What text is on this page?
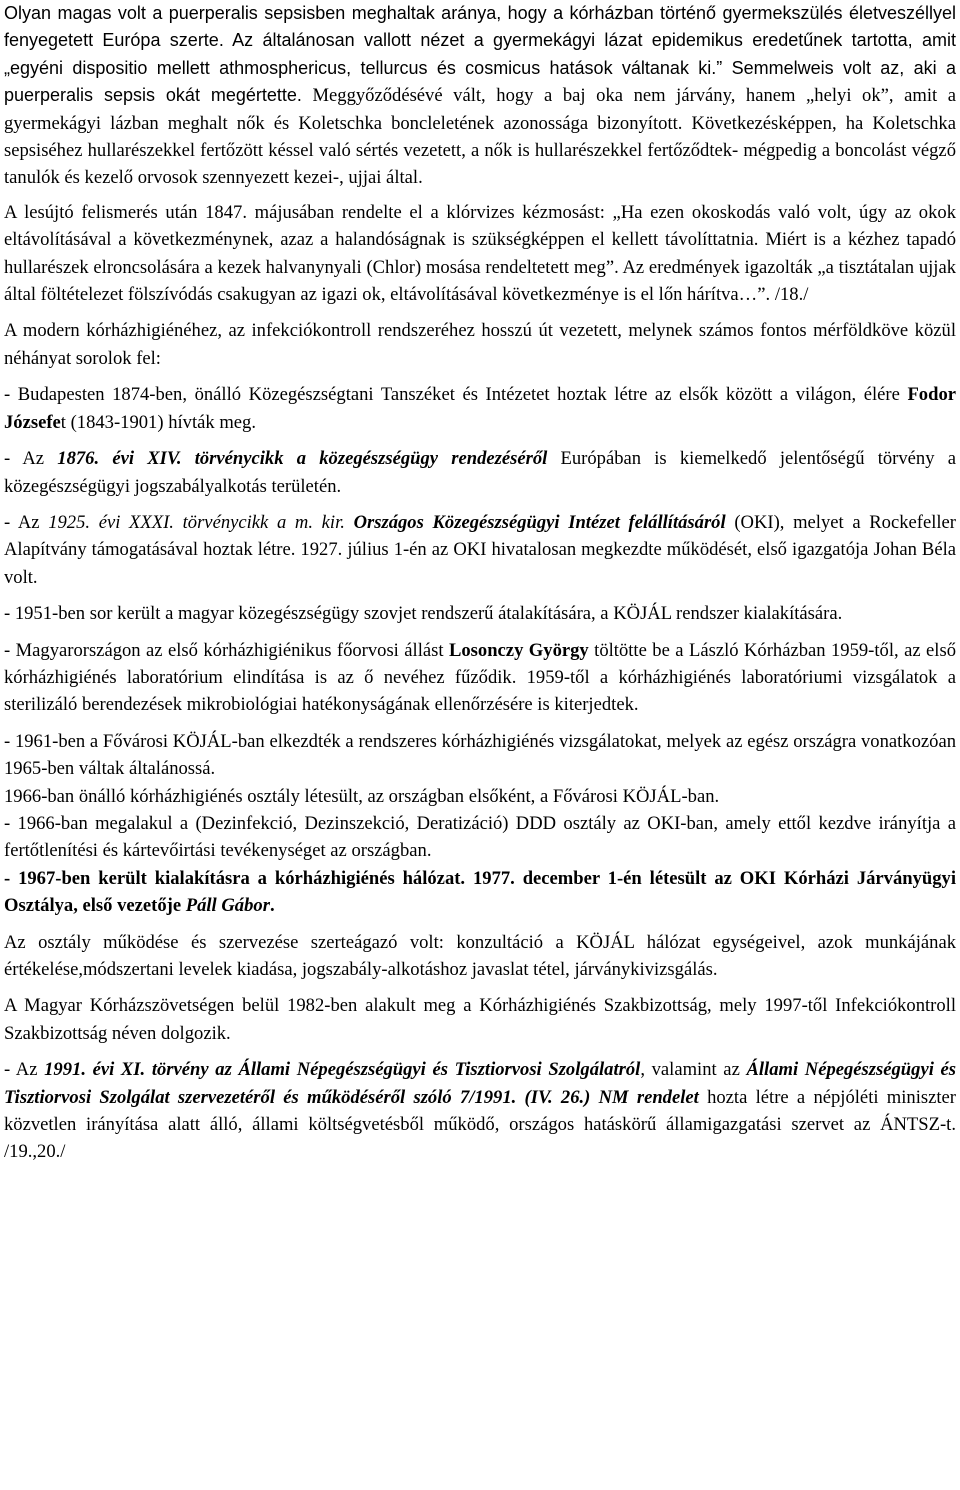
Olyan magas volt a puerperalis sepsisben meghaltak aránya, hogy a kórházban történő gyermekszülés életveszéllyel fenyegetett Európa szerte. Az általánosan vallott nézet a gyermekágyi lázat epidemikus eredetűnek tartotta, amit „egyéni dispositio mellett athmosphericus, tellurcus és cosmicus hatások váltanak ki.” Semmelweis volt az, aki a puerperalis sepsis okát megértette. Meggyőződésévé vált, hogy a baj oka nem járvány, hanem „helyi ok”, amit a gyermekágyi lázban meghalt nők és Koletschka boncleletének azonossága bizonyított. Következésképpen, ha Koletschka sepsiséhez hullarészekkel fertőzött késsel való sértés vezetett, a nők is hullarészekkel fertőződtek- mégpedig a boncolást végző tanulók és kezelő orvosok szennyezett kezei-, ujjai által.

A lesújtó felismerés után 1847. májusában rendelte el a klórvizes kézmosást: „Ha ezen okoskodás való volt, úgy az okok eltávolításával a következménynek, azaz a halandóságnak is szükségképpen el kellett távolíttatnia. Miért is a kézhez tapadó hullarészek elroncsolására a kezek halvanynyali (Chlor) mosása rendeltetett meg”. Az eredmények igazolták „a tisztátalan ujjak által föltételezet fölszívódás csakugyan az igazi ok, eltávolításával következménye is el lőn hárítva…”. /18./

A modern kórházhigiénéhez, az infekciókontroll rendszeréhez hosszú út vezetett, melynek számos fontos mérföldköve közül néhányat sorolok fel:

- Budapesten 1874-ben, önálló Közegészségtani Tanszéket és Intézetet hoztak létre az elsők között a világon, élére Fodor Józsefet (1843-1901) hívták meg.

- Az 1876. évi XIV. törvénycikk a közegészségügy rendezéséről Európában is kiemelkedő jelentőségű törvény a közegészségügyi jogszabályalkotás területén.

- Az 1925. évi XXXI. törvénycikk a m. kir. Országos Közegészségügyi Intézet felállításáról (OKI), melyet a Rockefeller Alapítvány támogatásával hoztak létre. 1927. július 1-én az OKI hivatalosan megkezdte működését, első igazgatója Johan Béla volt.

- 1951-ben sor került a magyar közegészségügy szovjet rendszerű átalakítására, a KÖJÁL rendszer kialakítására.

- Magyarországon az első kórházhigiénikus főorvosi állást Losonczy György töltötte be a László Kórházban 1959-től, az első kórházhigiénés laboratórium elindítása is az ő nevéhez fűződik. 1959-től a kórházhigiénés laboratóriumi vizsgálatok a sterilizáló berendezések mikrobiológiai hatékonyságának ellenőrzésére is kiterjedtek.

- 1961-ben a Fővárosi KÖJÁL-ban elkezdték a rendszeres kórházhigiénés vizsgálatokat, melyek az egész országra vonatkozóan 1965-ben váltak általánossá.

1966-ban önálló kórházhigiénés osztály létesült, az országban elsőként, a Fővárosi KÖJÁL-ban.

- 1966-ban megalakul a (Dezinfekció, Dezinszekció, Deratizáció) DDD osztály az OKI-ban, amely ettől kezdve irányítja a fertőtlenítési és kártevőirtási tevékenységet az országban.

- 1967-ben került kialakításra a kórházhigiénés hálózat. 1977. december 1-én létesült az OKI Kórházi Járványügyi Osztálya, első vezetője Páll Gábor.

Az osztály működése és szervezése szerteágazó volt: konzultáció a KÖJÁL hálózat egységeivel, azok munkájának értékelése,módszertani levelek kiadása, jogszabály-alkotáshoz javaslat tétel, járványkivizsgálás.

A Magyar Kórházszövetségen belül 1982-ben alakult meg a Kórházhigiénés Szakbizottság, mely 1997-től Infekciókontroll Szakbizottság néven dolgozik.

- Az 1991. évi XI. törvény az Állami Népegészségügyi és Tisztiorvosi Szolgálatról, valamint az Állami Népegészségügyi és Tisztiorvosi Szolgálat szervezetéről és működéséről szóló 7/1991. (IV. 26.) NM rendelet hozta létre a népjóléti miniszter közvetlen irányítása alatt álló, állami költségvetésből működő, országos hatáskörű államigazgatási szervet az ÁNTSZ-t. /19.,20./
